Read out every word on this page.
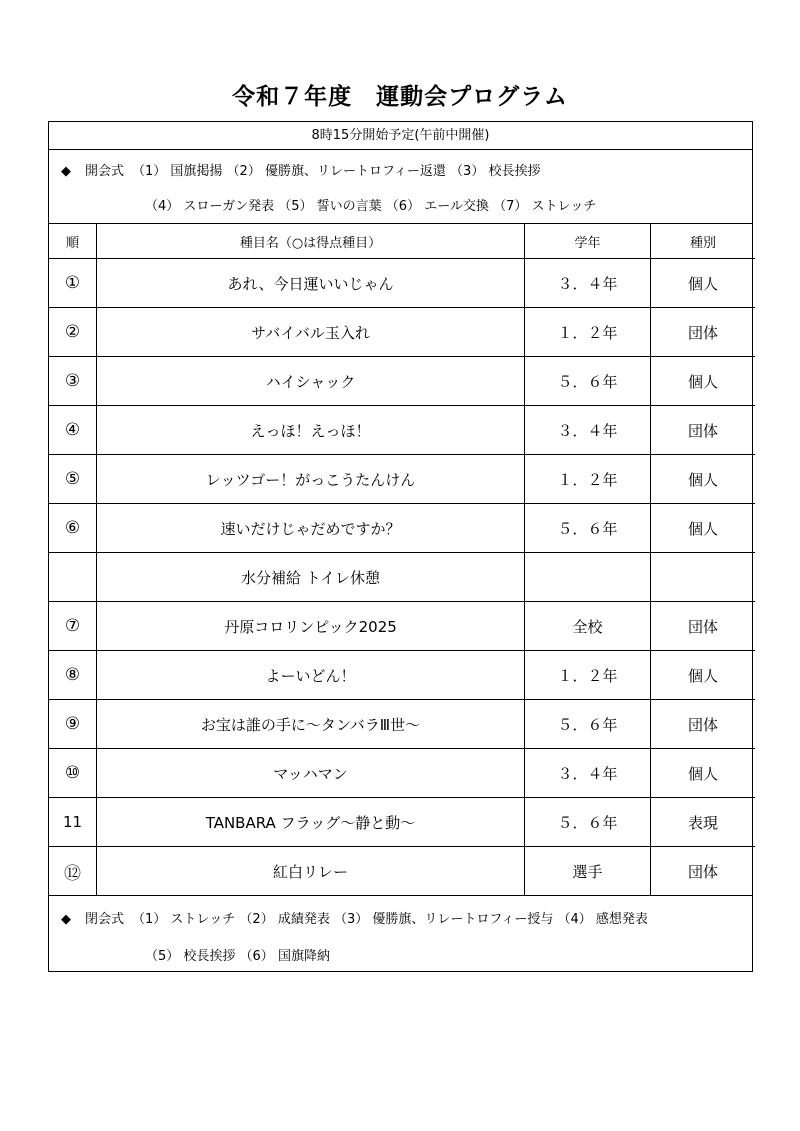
令和７年度　運動会プログラム
8時15分開始予定(午前中開催)
◆ 開会式 （1） 国旗掲揚 （2） 優勝旗、リレートロフィー返還 （3） 校長挨拶
（4） スローガン発表 （5） 誓いの言葉 （6） エール交換 （7） ストレッチ
順	種目名（○は得点種目）	学年	種別
①	あれ、今日運いいじゃん	３．４年	個人
②	サバイバル玉入れ	１．２年	団体
③	ハイシャック	５．６年	個人
④	えっほ！えっほ！	３．４年	団体
⑤	レッツゴー！がっこうたんけん	１．２年	個人
⑥	速いだけじゃだめですか？	５．６年	個人
	水分補給 トイレ休憩		
⑦	丹原コロリンピック2025	全校	団体
⑧	よーいどん！	１．２年	個人
⑨	お宝は誰の手に～タンバラⅢ世～	５．６年	団体
⑩	マッハマン	３．４年	個人
11	TANBARA フラッグ～静と動～	５．６年	表現
⑫	紅白リレー	選手	団体
◆ 閉会式 （1） ストレッチ （2） 成績発表 （3） 優勝旗、リレートロフィー授与 （4） 感想発表
（5） 校長挨拶 （6） 国旗降納
